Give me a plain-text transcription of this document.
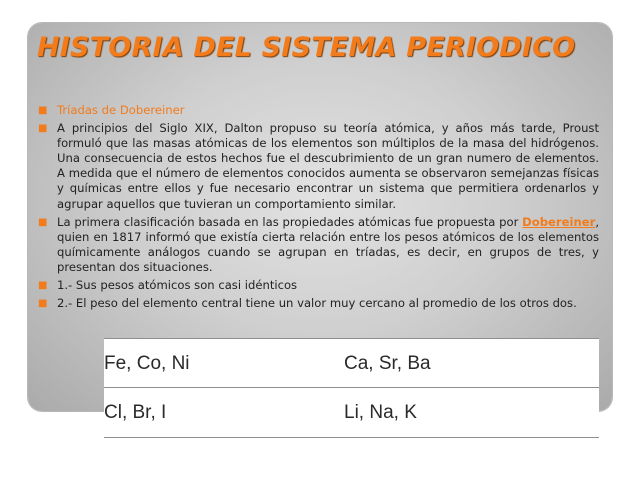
HISTORIA DEL SISTEMA PERIODICO
■ Tríadas de Dobereiner
■ A principios del Siglo XIX, Dalton propuso su teoría atómica, y años más tarde, Proust formuló que las masas atómicas de los elementos son múltiplos de la masa del hidrógenos. Una consecuencia de estos hechos fue el descubrimiento de un gran numero de elementos. A medida que el número de elementos conocidos aumenta se observaron semejanzas físicas y químicas entre ellos y fue necesario encontrar un sistema que permitiera ordenarlos y agrupar aquellos que tuvieran un comportamiento similar.
■ La primera clasificación basada en las propiedades atómicas fue propuesta por Dobereiner, quien en 1817 informó que existía cierta relación entre los pesos atómicos de los elementos químicamente análogos cuando se agrupan en tríadas, es decir, en grupos de tres, y presentan dos situaciones.
■ 1.- Sus pesos atómicos son casi idénticos
■ 2.- El peso del elemento central tiene un valor muy cercano al promedio de los otros dos.
Fe, Co, Ni	Ca, Sr, Ba
Cl, Br, I	Li, Na, K
